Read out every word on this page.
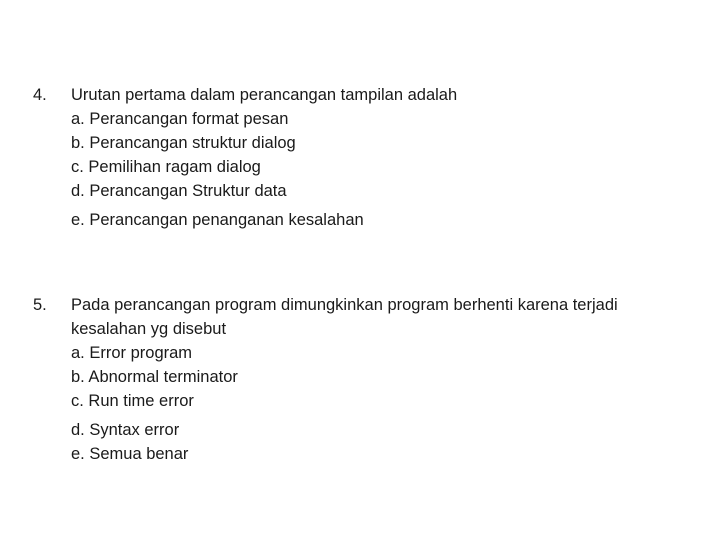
4.	Urutan pertama dalam perancangan tampilan adalah
a. Perancangan format pesan
b. Perancangan struktur dialog
c. Pemilihan ragam dialog
d. Perancangan Struktur data
e. Perancangan penanganan kesalahan
5.	Pada perancangan program dimungkinkan program berhenti karena terjadi kesalahan yg disebut
a. Error program
b. Abnormal terminator
c. Run time error
d. Syntax error
e. Semua benar
